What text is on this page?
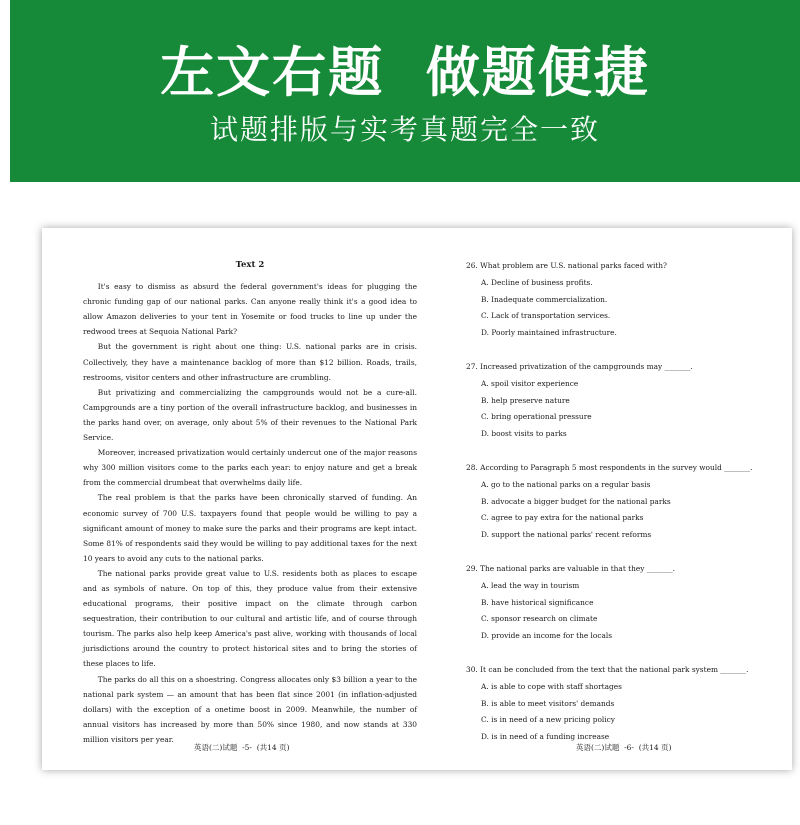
左文右题  做题便捷
试题排版与实考真题完全一致
Text 2

It's easy to dismiss as absurd the federal government's ideas for plugging the chronic funding gap of our national parks. Can anyone really think it's a good idea to allow Amazon deliveries to your tent in Yosemite or food trucks to line up under the redwood trees at Sequoia National Park?

But the government is right about one thing: U.S. national parks are in crisis. Collectively, they have a maintenance backlog of more than $12 billion. Roads, trails, restrooms, visitor centers and other infrastructure are crumbling.

But privatizing and commercializing the campgrounds would not be a cure-all. Campgrounds are a tiny portion of the overall infrastructure backlog, and businesses in the parks hand over, on average, only about 5% of their revenues to the National Park Service.

Moreover, increased privatization would certainly undercut one of the major reasons why 300 million visitors come to the parks each year: to enjoy nature and get a break from the commercial drumbeat that overwhelms daily life.

The real problem is that the parks have been chronically starved of funding. An economic survey of 700 U.S. taxpayers found that people would be willing to pay a significant amount of money to make sure the parks and their programs are kept intact. Some 81% of respondents said they would be willing to pay additional taxes for the next 10 years to avoid any cuts to the national parks.

The national parks provide great value to U.S. residents both as places to escape and as symbols of nature. On top of this, they produce value from their extensive educational programs, their positive impact on the climate through carbon sequestration, their contribution to our cultural and artistic life, and of course through tourism. The parks also help keep America's past alive, working with thousands of local jurisdictions around the country to protect historical sites and to bring the stories of these places to life.

The parks do all this on a shoestring. Congress allocates only $3 billion a year to the national park system — an amount that has been flat since 2001 (in inflation-adjusted dollars) with the exception of a onetime boost in 2009. Meanwhile, the number of annual visitors has increased by more than 50% since 1980, and now stands at 330 million visitors per year.

26. What problem are U.S. national parks faced with?
A. Decline of business profits.
B. Inadequate commercialization.
C. Lack of transportation services.
D. Poorly maintained infrastructure.
27. Increased privatization of the campgrounds may _______.
A. spoil visitor experience
B. help preserve nature
C. bring operational pressure
D. boost visits to parks
28. According to Paragraph 5 most respondents in the survey would _______.
A. go to the national parks on a regular basis
B. advocate a bigger budget for the national parks
C. agree to pay extra for the national parks
D. support the national parks' recent reforms
29. The national parks are valuable in that they _______.
A. lead the way in tourism
B. have historical significance
C. sponsor research on climate
D. provide an income for the locals
30. It can be concluded from the text that the national park system _______.
A. is able to cope with staff shortages
B. is able to meet visitors' demands
C. is in need of a new pricing policy
D. is in need of a funding increase
英语(二)试题  -5-  (共14 页)	英语(二)试题  -6-  (共14 页)
